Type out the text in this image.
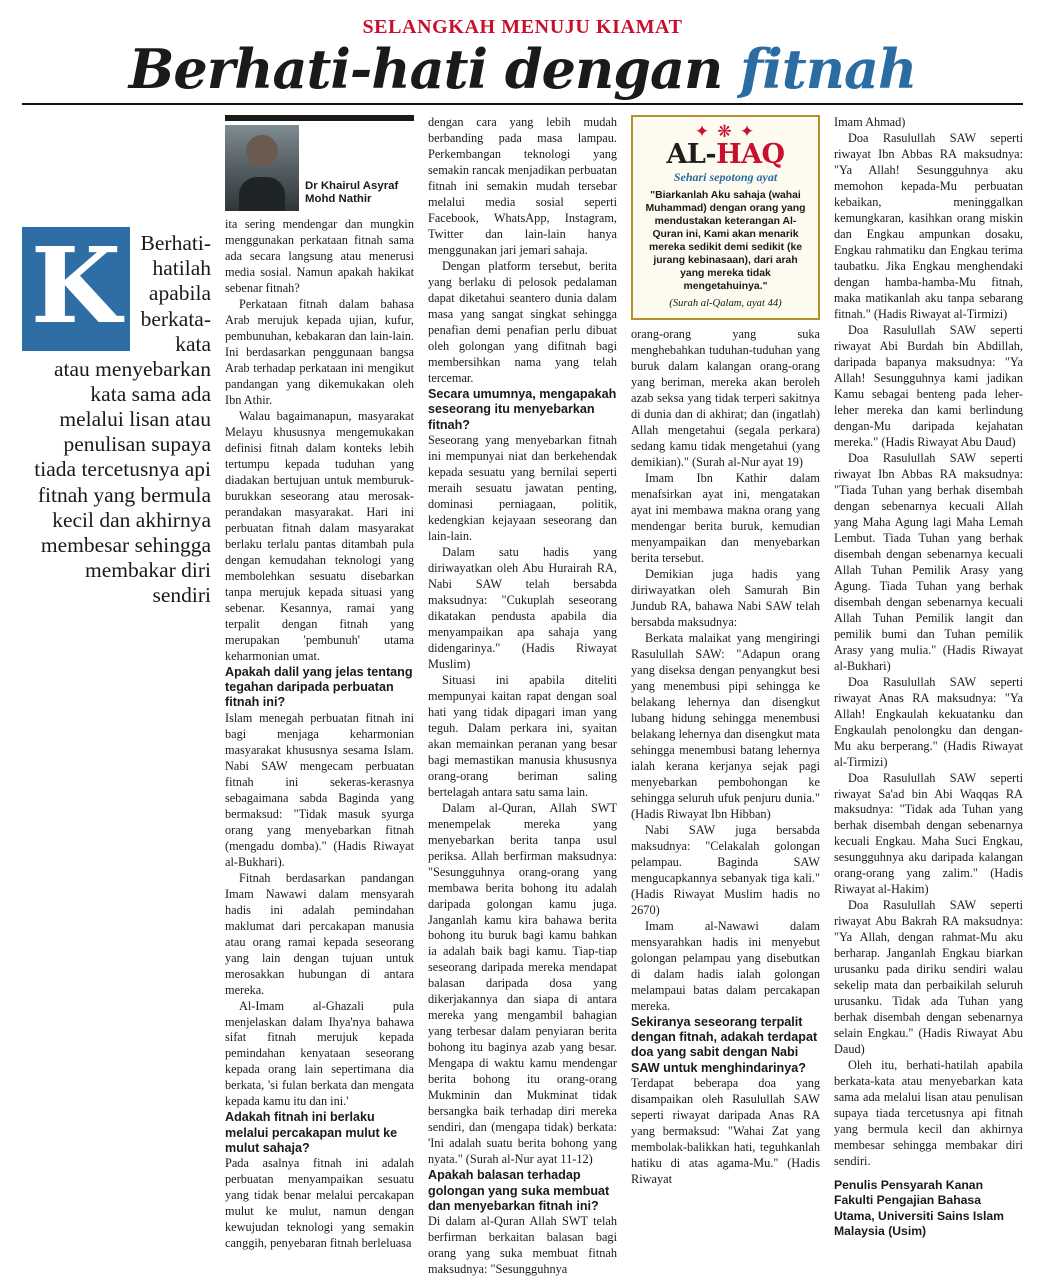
SELANGKAH MENUJU KIAMAT
Berhati-hati dengan fitnah
K Berhati-hatilah apabila berkata-kata atau menyebarkan kata sama ada melalui lisan atau penulisan supaya tiada tercetusnya api fitnah yang bermula kecil dan akhirnya membesar sehingga membakar diri sendiri
Dr Khairul Asyraf
Mohd Nathir

ita sering mendengar dan mungkin menggunakan perkataan fitnah sama ada secara langsung atau menerusi media sosial. Namun apakah hakikat sebenar fitnah?

Perkataan fitnah dalam bahasa Arab merujuk kepada ujian, kufur, pembunuhan, kebakaran dan lain-lain. Ini berdasarkan penggunaan bangsa Arab terhadap perkataan ini mengikut pandangan yang dikemukakan oleh Ibn Athir.

Walau bagaimanapun, masyarakat Melayu khususnya mengemukakan definisi fitnah dalam konteks lebih tertumpu kepada tuduhan yang diadakan bertujuan untuk memburuk-burukkan seseorang atau merosak-perandakan masyarakat. Hari ini perbuatan fitnah dalam masyarakat berlaku terlalu pantas ditambah pula dengan kemudahan teknologi yang membolehkan sesuatu disebarkan tanpa merujuk kepada situasi yang sebenar. Kesannya, ramai yang terpalit dengan fitnah yang merupakan 'pembunuh' utama keharmonian umat.

Apakah dalil yang jelas tentang tegahan daripada perbuatan fitnah ini?

Islam menegah perbuatan fitnah ini bagi menjaga keharmonian masyarakat khususnya sesama Islam. Nabi SAW mengecam perbuatan fitnah ini sekeras-kerasnya sebagaimana sabda Baginda yang bermaksud: "Tidak masuk syurga orang yang menyebarkan fitnah (mengadu domba)." (Hadis Riwayat al-Bukhari).

Fitnah berdasarkan pandangan Imam Nawawi dalam mensyarah hadis ini adalah pemindahan maklumat dari percakapan manusia atau orang ramai kepada seseorang yang lain dengan tujuan untuk merosakkan hubungan di antara mereka.

Al-Imam al-Ghazali pula menjelaskan dalam Ihya'nya bahawa sifat fitnah merujuk kepada pemindahan kenyataan seseorang kepada orang lain sepertimana dia berkata, 'si fulan berkata dan mengata kepada kamu itu dan ini.'

Adakah fitnah ini berlaku melalui percakapan mulut ke mulut sahaja?

Pada asalnya fitnah ini adalah perbuatan menyampaikan sesuatu yang tidak benar melalui percakapan mulut ke mulut, namun dengan kewujudan teknologi yang semakin canggih, penyebaran fitnah berleluasa

dengan cara yang lebih mudah berbanding pada masa lampau. Perkembangan teknologi yang semakin rancak menjadikan perbuatan fitnah ini semakin mudah tersebar melalui media sosial seperti Facebook, WhatsApp, Instagram, Twitter dan lain-lain hanya menggunakan jari jemari sahaja.

Dengan platform tersebut, berita yang berlaku di pelosok pedalaman dapat diketahui seantero dunia dalam masa yang sangat singkat sehingga penafian demi penafian perlu dibuat oleh golongan yang difitnah bagi membersihkan nama yang telah tercemar.

Secara umumnya, mengapakah seseorang itu menyebarkan fitnah?

Seseorang yang menyebarkan fitnah ini mempunyai niat dan berkehendak kepada sesuatu yang bernilai seperti meraih sesuatu jawatan penting, dominasi perniagaan, politik, kedengkian kejayaan seseorang dan lain-lain.

Dalam satu hadis yang diriwayatkan oleh Abu Hurairah RA, Nabi SAW telah bersabda maksudnya: "Cukuplah seseorang dikatakan pendusta apabila dia menyampaikan apa sahaja yang didengarinya." (Hadis Riwayat Muslim)

Situasi ini apabila diteliti mempunyai kaitan rapat dengan soal hati yang tidak dipagari iman yang teguh. Dalam perkara ini, syaitan akan memainkan peranan yang besar bagi memastikan manusia khususnya orang-orang beriman saling bertelagah antara satu sama lain.

Dalam al-Quran, Allah SWT menempelak mereka yang menyebarkan berita tanpa usul periksa. Allah berfirman maksudnya: "Sesungguhnya orang-orang yang membawa berita bohong itu adalah daripada golongan kamu juga. Janganlah kamu kira bahawa berita bohong itu buruk bagi kamu bahkan ia adalah baik bagi kamu. Tiap-tiap seseorang daripada mereka mendapat balasan daripada dosa yang dikerjakannya dan siapa di antara mereka yang mengambil bahagian yang terbesar dalam penyiaran berita bohong itu baginya azab yang besar. Mengapa di waktu kamu mendengar berita bohong itu orang-orang Mukminin dan Mukminat tidak bersangka baik terhadap diri mereka sendiri, dan (mengapa tidak) berkata: 'Ini adalah suatu berita bohong yang nyata." (Surah al-Nur ayat 11-12)

Apakah balasan terhadap golongan yang suka membuat dan menyebarkan fitnah ini?

Di dalam al-Quran Allah SWT telah berfirman berkaitan balasan bagi orang yang suka membuat fitnah maksudnya: "Sesungguhnya

✦ ❋ ✦
AL-HAQ
Sehari sepotong ayat
"Biarkanlah Aku sahaja (wahai Muhammad) dengan orang yang mendustakan keterangan Al-Quran ini, Kami akan menarik mereka sedikit demi sedikit (ke jurang kebinasaan), dari arah yang mereka tidak mengetahuinya."
(Surah al-Qalam, ayat 44)

orang-orang yang suka menghebahkan tuduhan-tuduhan yang buruk dalam kalangan orang-orang yang beriman, mereka akan beroleh azab seksa yang tidak terperi sakitnya di dunia dan di akhirat; dan (ingatlah) Allah mengetahui (segala perkara) sedang kamu tidak mengetahui (yang demikian)." (Surah al-Nur ayat 19)

Imam Ibn Kathir dalam menafsirkan ayat ini, mengatakan ayat ini membawa makna orang yang mendengar berita buruk, kemudian menyampaikan dan menyebarkan berita tersebut.

Demikian juga hadis yang diriwayatkan oleh Samurah Bin Jundub RA, bahawa Nabi SAW telah bersabda maksudnya:

Berkata malaikat yang mengiringi Rasulullah SAW: "Adapun orang yang diseksa dengan penyangkut besi yang menembusi pipi sehingga ke belakang lehernya dan disengkut lubang hidung sehingga menembusi belakang lehernya dan disengkut mata sehingga menembusi batang lehernya ialah kerana kerjanya sejak pagi menyebarkan pembohongan ke sehingga seluruh ufuk penjuru dunia." (Hadis Riwayat Ibn Hibban)

Nabi SAW juga bersabda maksudnya: "Celakalah golongan pelampau. Baginda SAW mengucapkannya sebanyak tiga kali." (Hadis Riwayat Muslim hadis no 2670)

Imam al-Nawawi dalam mensyarahkan hadis ini menyebut golongan pelampau yang disebutkan di dalam hadis ialah golongan melampaui batas dalam percakapan mereka.

Sekiranya seseorang terpalit dengan fitnah, adakah terdapat doa yang sabit dengan Nabi SAW untuk menghindarinya?

Terdapat beberapa doa yang disampaikan oleh Rasulullah SAW seperti riwayat daripada Anas RA yang bermaksud: "Wahai Zat yang membolak-balikkan hati, teguhkanlah hatiku di atas agama-Mu." (Hadis Riwayat

Imam Ahmad)

Doa Rasulullah SAW seperti riwayat Ibn Abbas RA maksudnya: "Ya Allah! Sesungguhnya aku memohon kepada-Mu perbuatan kebaikan, meninggalkan kemungkaran, kasihkan orang miskin dan Engkau ampunkan dosaku, Engkau rahmatiku dan Engkau terima taubatku. Jika Engkau menghendaki dengan hamba-hamba-Mu fitnah, maka matikanlah aku tanpa sebarang fitnah." (Hadis Riwayat al-Tirmizi)

Doa Rasulullah SAW seperti riwayat Abi Burdah bin Abdillah, daripada bapanya maksudnya: "Ya Allah! Sesungguhnya kami jadikan Kamu sebagai benteng pada leher-leher mereka dan kami berlindung dengan-Mu daripada kejahatan mereka." (Hadis Riwayat Abu Daud)

Doa Rasulullah SAW seperti riwayat Ibn Abbas RA maksudnya: "Tiada Tuhan yang berhak disembah dengan sebenarnya kecuali Allah yang Maha Agung lagi Maha Lemah Lembut. Tiada Tuhan yang berhak disembah dengan sebenarnya kecuali Allah Tuhan Pemilik Arasy yang Agung. Tiada Tuhan yang berhak disembah dengan sebenarnya kecuali Allah Tuhan Pemilik langit dan pemilik bumi dan Tuhan pemilik Arasy yang mulia." (Hadis Riwayat al-Bukhari)

Doa Rasulullah SAW seperti riwayat Anas RA maksudnya: "Ya Allah! Engkaulah kekuatanku dan Engkaulah penolongku dan dengan-Mu aku berperang." (Hadis Riwayat al-Tirmizi)

Doa Rasulullah SAW seperti riwayat Sa'ad bin Abi Waqqas RA maksudnya: "Tidak ada Tuhan yang berhak disembah dengan sebenarnya kecuali Engkau. Maha Suci Engkau, sesungguhnya aku daripada kalangan orang-orang yang zalim." (Hadis Riwayat al-Hakim)

Doa Rasulullah SAW seperti riwayat Abu Bakrah RA maksudnya: "Ya Allah, dengan rahmat-Mu aku berharap. Janganlah Engkau biarkan urusanku pada diriku sendiri walau sekelip mata dan perbaikilah seluruh urusanku. Tidak ada Tuhan yang berhak disembah dengan sebenarnya selain Engkau." (Hadis Riwayat Abu Daud)

Oleh itu, berhati-hatilah apabila berkata-kata atau menyebarkan kata sama ada melalui lisan atau penulisan supaya tiada tercetusnya api fitnah yang bermula kecil dan akhirnya membesar sehingga membakar diri sendiri.

Penulis Pensyarah Kanan Fakulti Pengajian Bahasa Utama, Universiti Sains Islam Malaysia (Usim)
